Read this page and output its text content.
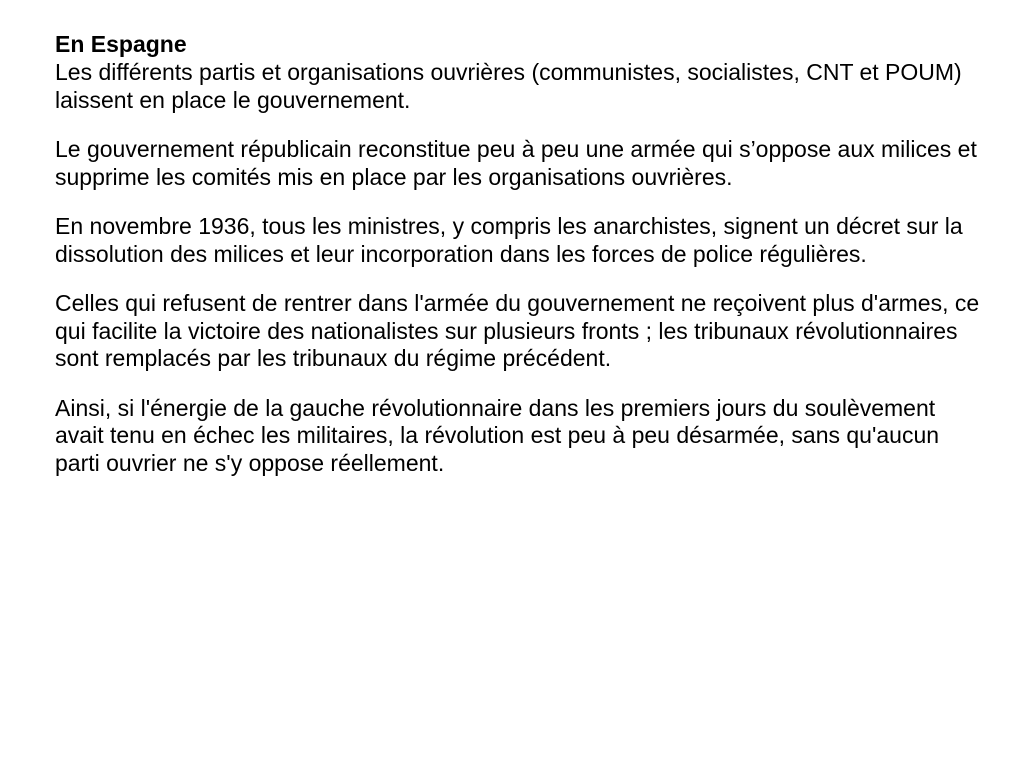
En Espagne

Les différents partis et organisations ouvrières (communistes, socialistes, CNT et POUM) laissent en place le gouvernement.

Le gouvernement républicain reconstitue peu à peu une armée qui s’oppose aux milices et supprime les comités mis en place par les organisations ouvrières.

En novembre 1936, tous les ministres, y compris les anarchistes, signent un décret sur la dissolution des milices et leur incorporation dans les forces de police régulières.

Celles qui refusent de rentrer dans l'armée du gouvernement ne reçoivent plus d'armes, ce qui facilite la victoire des nationalistes sur plusieurs fronts ; les tribunaux révolutionnaires sont remplacés par les tribunaux du régime précédent.

Ainsi, si l'énergie de la gauche révolutionnaire dans les premiers jours du soulèvement avait tenu en échec les militaires, la révolution est peu à peu désarmée, sans qu'aucun parti ouvrier ne s'y oppose réellement.
